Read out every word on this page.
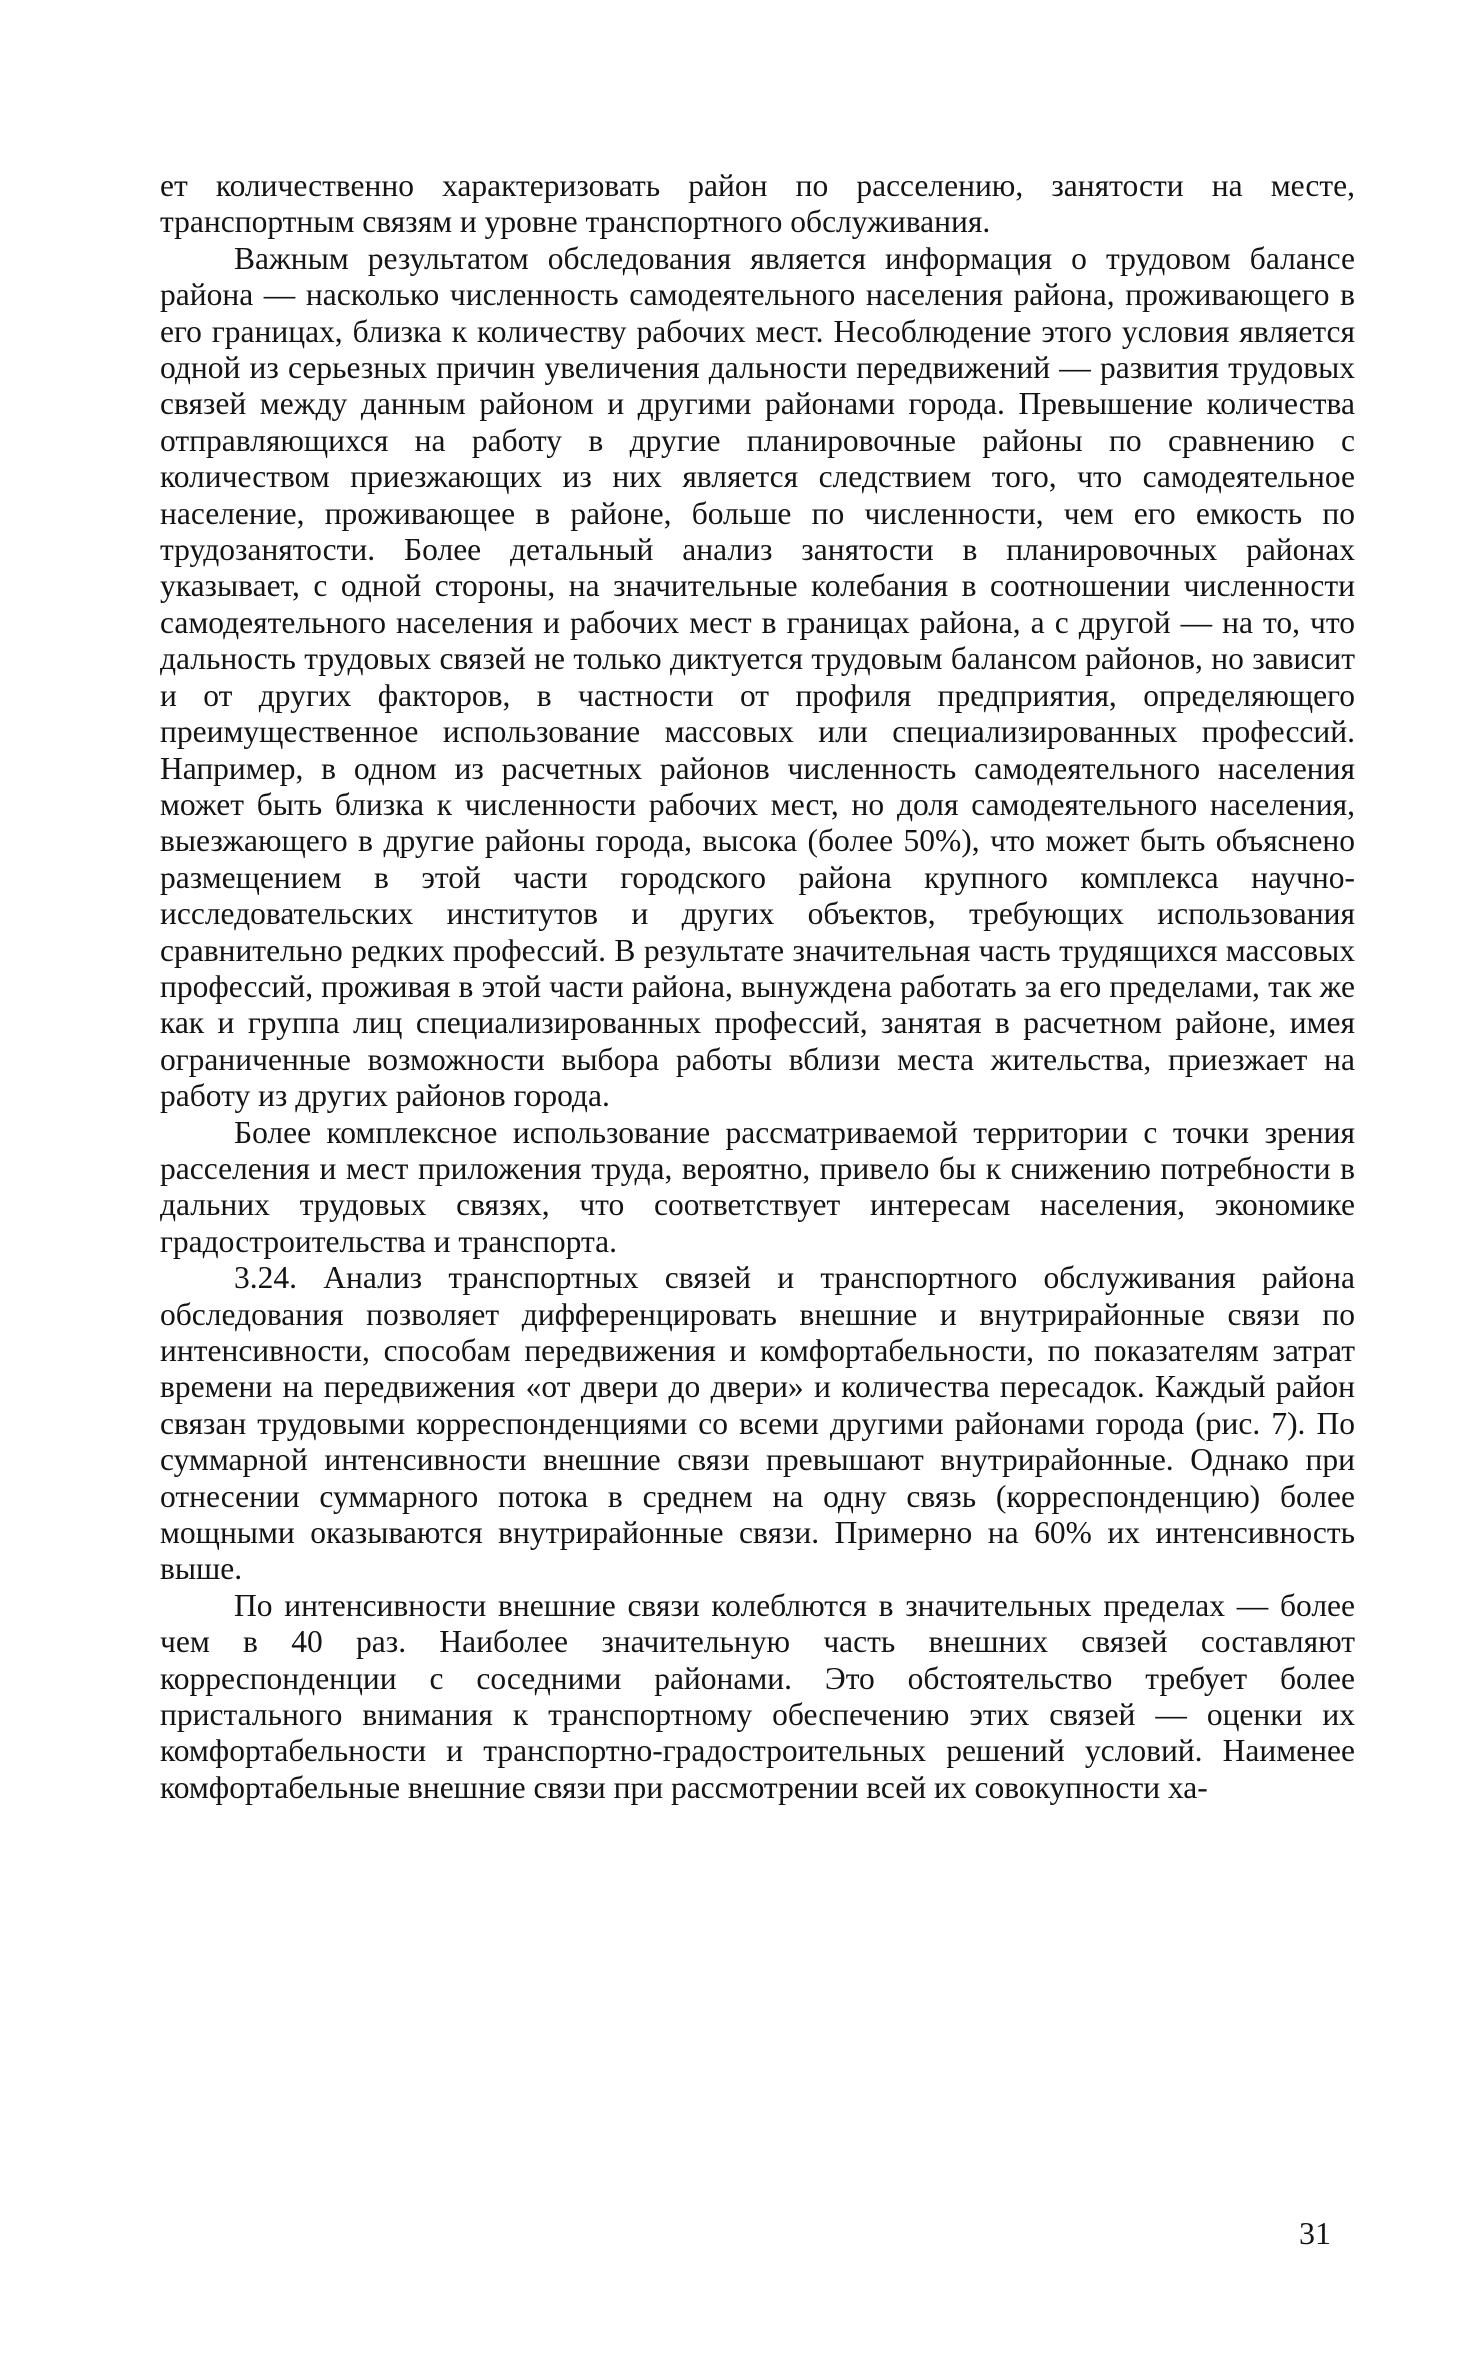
ет количественно характеризовать район по расселению, занятости на месте, транспортным связям и уровне транспортного обслуживания.

Важным результатом обследования является информация о трудовом балансе района — насколько численность самодеятельного населения района, проживающего в его границах, близка к количеству рабочих мест. Несоблюдение этого условия является одной из серьезных причин увеличения дальности передвижений — развития трудовых связей между данным районом и другими районами города. Превышение количества отправляющихся на работу в другие планировочные районы по сравнению с количеством приезжающих из них является следствием того, что самодеятельное население, проживающее в районе, больше по численности, чем его емкость по трудозанятости. Более детальный анализ занятости в планировочных районах указывает, с одной стороны, на значительные колебания в соотношении численности самодеятельного населения и рабочих мест в границах района, а с другой — на то, что дальность трудовых связей не только диктуется трудовым балансом районов, но зависит и от других факторов, в частности от профиля предприятия, определяющего преимущественное использование массовых или специализированных профессий. Например, в одном из расчетных районов численность самодеятельного населения может быть близка к численности рабочих мест, но доля самодеятельного населения, выезжающего в другие районы города, высока (более 50%), что может быть объяснено размещением в этой части городского района крупного комплекса научно-исследовательских институтов и других объектов, требующих использования сравнительно редких профессий. В результате значительная часть трудящихся массовых профессий, проживая в этой части района, вынуждена работать за его пределами, так же как и группа лиц специализированных профессий, занятая в расчетном районе, имея ограниченные возможности выбора работы вблизи места жительства, приезжает на работу из других районов города.

Более комплексное использование рассматриваемой территории с точки зрения расселения и мест приложения труда, вероятно, привело бы к снижению потребности в дальних трудовых связях, что соответствует интересам населения, экономике градостроительства и транспорта.

3.24. Анализ транспортных связей и транспортного обслуживания района обследования позволяет дифференцировать внешние и внутрирайонные связи по интенсивности, способам передвижения и комфортабельности, по показателям затрат времени на передвижения «от двери до двери» и количества пересадок. Каждый район связан трудовыми корреспонденциями со всеми другими районами города (рис. 7). По суммарной интенсивности внешние связи превышают внутрирайонные. Однако при отнесении суммарного потока в среднем на одну связь (корреспонденцию) более мощными оказываются внутрирайонные связи. Примерно на 60% их интенсивность выше.

По интенсивности внешние связи колеблются в значительных пределах — более чем в 40 раз. Наиболее значительную часть внешних связей составляют корреспонденции с соседними районами. Это обстоятельство требует более пристального внимания к транспортному обеспечению этих связей — оценки их комфортабельности и транспортно-градостроительных решений условий. Наименее комфортабельные внешние связи при рассмотрении всей их совокупности ха-

31
